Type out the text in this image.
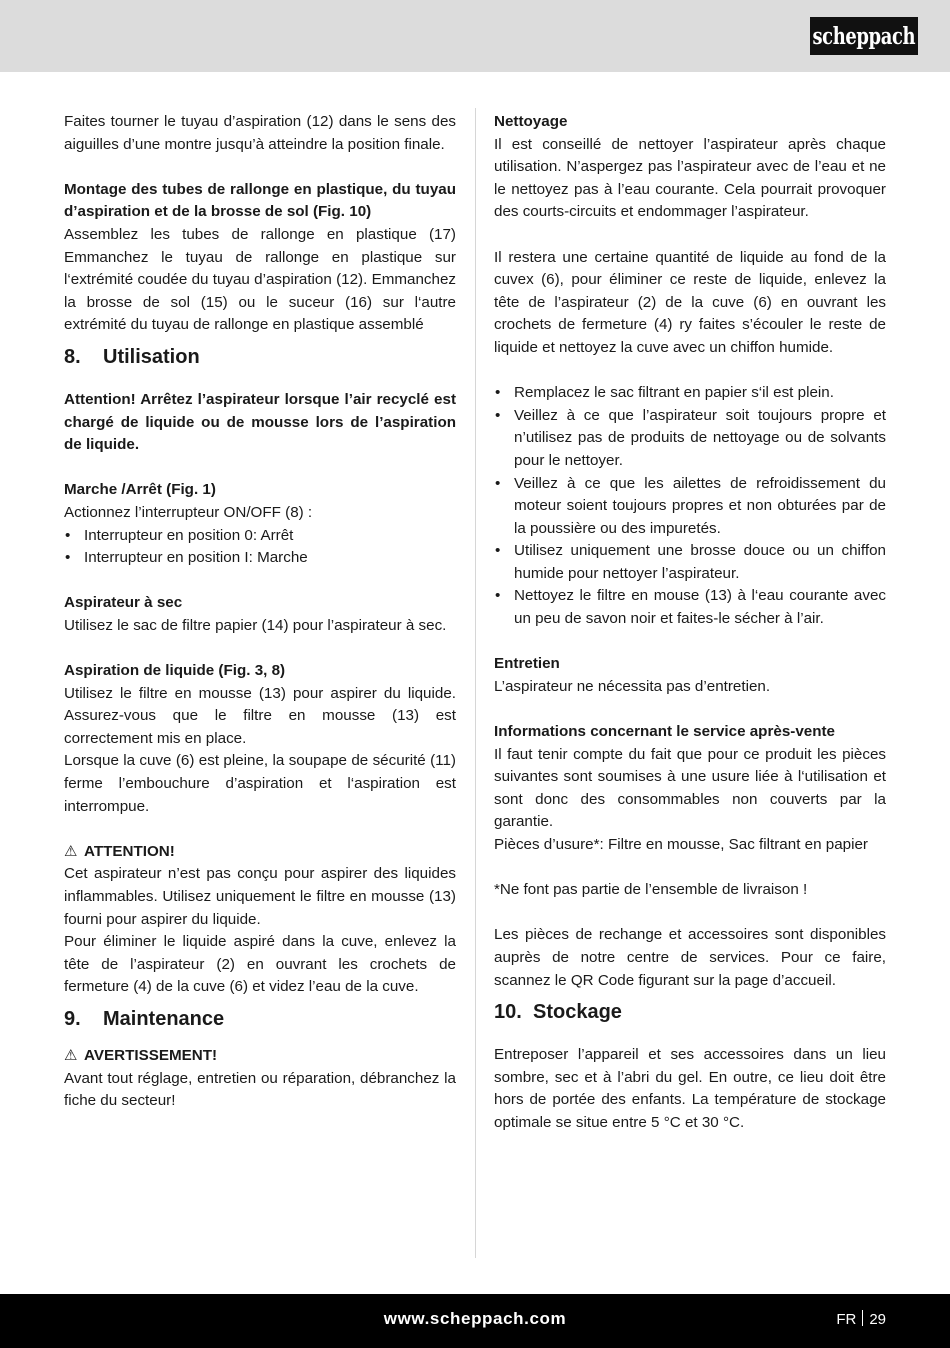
scheppach

Faites tourner le tuyau d’aspiration (12) dans le sens des aiguilles d’une montre jusqu’à atteindre la position finale.

Montage des tubes de rallonge en plastique, du tuyau d’aspiration et de la brosse de sol (Fig. 10)

Assemblez les tubes de rallonge en plastique (17) Emmanchez le tuyau de rallonge en plastique sur l‘extrémité coudée du tuyau d’aspiration (12). Emmanchez la brosse de sol (15) ou le suceur (16) sur l‘autre extrémité du tuyau de rallonge en plastique assemblé

8.	Utilisation

Attention! Arrêtez l’aspirateur lorsque l’air recyclé est chargé de liquide ou de mousse lors de l’aspiration de liquide.

Marche /Arrêt (Fig. 1)

Actionnez l’interrupteur ON/OFF (8) :

• Interrupteur en position 0: Arrêt
• Interrupteur en position I: Marche

Aspirateur à sec

Utilisez le sac de filtre papier (14) pour l’aspirateur à sec.

Aspiration de liquide (Fig. 3, 8)

Utilisez le filtre en mousse (13) pour aspirer du liquide. Assurez-vous que le filtre en mousse (13) est correctement mis en place.

Lorsque la cuve (6) est pleine, la soupape de sécurité (11) ferme l’embouchure d’aspiration et l‘aspiration est interrompue.

⚠ ATTENTION!

Cet aspirateur n’est pas conçu pour aspirer des liquides inflammables. Utilisez uniquement le filtre en mousse (13) fourni pour aspirer du liquide.

Pour éliminer le liquide aspiré dans la cuve, enlevez la tête de l’aspirateur (2) en ouvrant les crochets de fermeture (4) de la cuve (6) et videz l’eau de la cuve.

9.	Maintenance

⚠ AVERTISSEMENT!

Avant tout réglage, entretien ou réparation, débranchez la fiche du secteur!

Nettoyage

Il est conseillé de nettoyer l’aspirateur après chaque utilisation. N’aspergez pas l’aspirateur avec de l’eau et ne le nettoyez pas à l’eau courante. Cela pourrait provoquer des courts-circuits et endommager l’aspirateur.

Il restera une certaine quantité de liquide au fond de la cuvex (6), pour éliminer ce reste de liquide, enlevez la tête de l’aspirateur (2) de la cuve (6) en ouvrant les crochets de fermeture (4) ry faites s’écouler le reste de liquide et nettoyez la cuve avec un chiffon humide.

• Remplacez le sac filtrant en papier s‘il est plein.
• Veillez à ce que l’aspirateur soit toujours propre et n’utilisez pas de produits de nettoyage ou de solvants pour le nettoyer.
• Veillez à ce que les ailettes de refroidissement du moteur soient toujours propres et non obturées par de la poussière ou des impuretés.
• Utilisez uniquement une brosse douce ou un chiffon humide pour nettoyer l’aspirateur.
• Nettoyez le filtre en mouse (13) à l‘eau courante avec un peu de savon noir et faites-le sécher à l’air.

Entretien

L’aspirateur ne nécessita pas d’entretien.

Informations concernant le service après-vente

Il faut tenir compte du fait que pour ce produit les pièces suivantes sont soumises à une usure liée à l‘utilisation et sont donc des consommables non couverts par la garantie.

Pièces d’usure*: Filtre en mousse, Sac filtrant en papier

*Ne font pas partie de l’ensemble de livraison !

Les pièces de rechange et accessoires sont disponibles auprès de notre centre de services. Pour ce faire, scannez le QR Code figurant sur la page d’accueil.

10. Stockage

Entreposer l’appareil et ses accessoires dans un lieu sombre, sec et à l’abri du gel. En outre, ce lieu doit être hors de portée des enfants. La température de stockage optimale se situe entre 5 °C et 30 °C.

www.scheppach.com	FR 29
